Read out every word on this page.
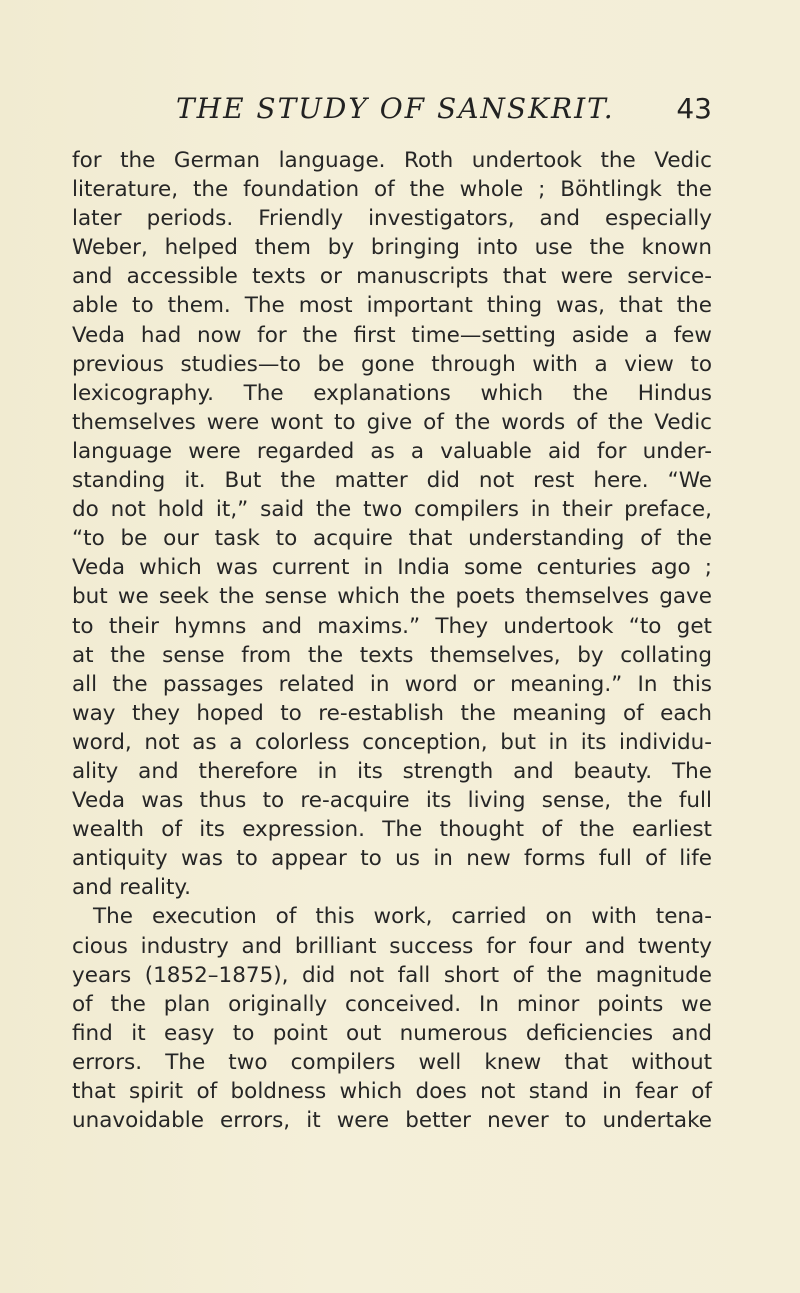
THE STUDY OF SANSKRIT. 43
for the German language. Roth undertook the Vedic
literature, the foundation of the whole ; Böhtlingk the
later periods. Friendly investigators, and especially
Weber, helped them by bringing into use the known
and accessible texts or manuscripts that were service-
able to them. The most important thing was, that the
Veda had now for the first time—setting aside a few
previous studies—to be gone through with a view to
lexicography. The explanations which the Hindus
themselves were wont to give of the words of the Vedic
language were regarded as a valuable aid for under-
standing it. But the matter did not rest here. “We
do not hold it,” said the two compilers in their preface,
“to be our task to acquire that understanding of the
Veda which was current in India some centuries ago ;
but we seek the sense which the poets themselves gave
to their hymns and maxims.” They undertook “to get
at the sense from the texts themselves, by collating
all the passages related in word or meaning.” In this
way they hoped to re-establish the meaning of each
word, not as a colorless conception, but in its individu-
ality and therefore in its strength and beauty. The
Veda was thus to re-acquire its living sense, the full
wealth of its expression. The thought of the earliest
antiquity was to appear to us in new forms full of life
and reality.
The execution of this work, carried on with tena-
cious industry and brilliant success for four and twenty
years (1852–1875), did not fall short of the magnitude
of the plan originally conceived. In minor points we
find it easy to point out numerous deficiencies and
errors. The two compilers well knew that without
that spirit of boldness which does not stand in fear of
unavoidable errors, it were better never to undertake
